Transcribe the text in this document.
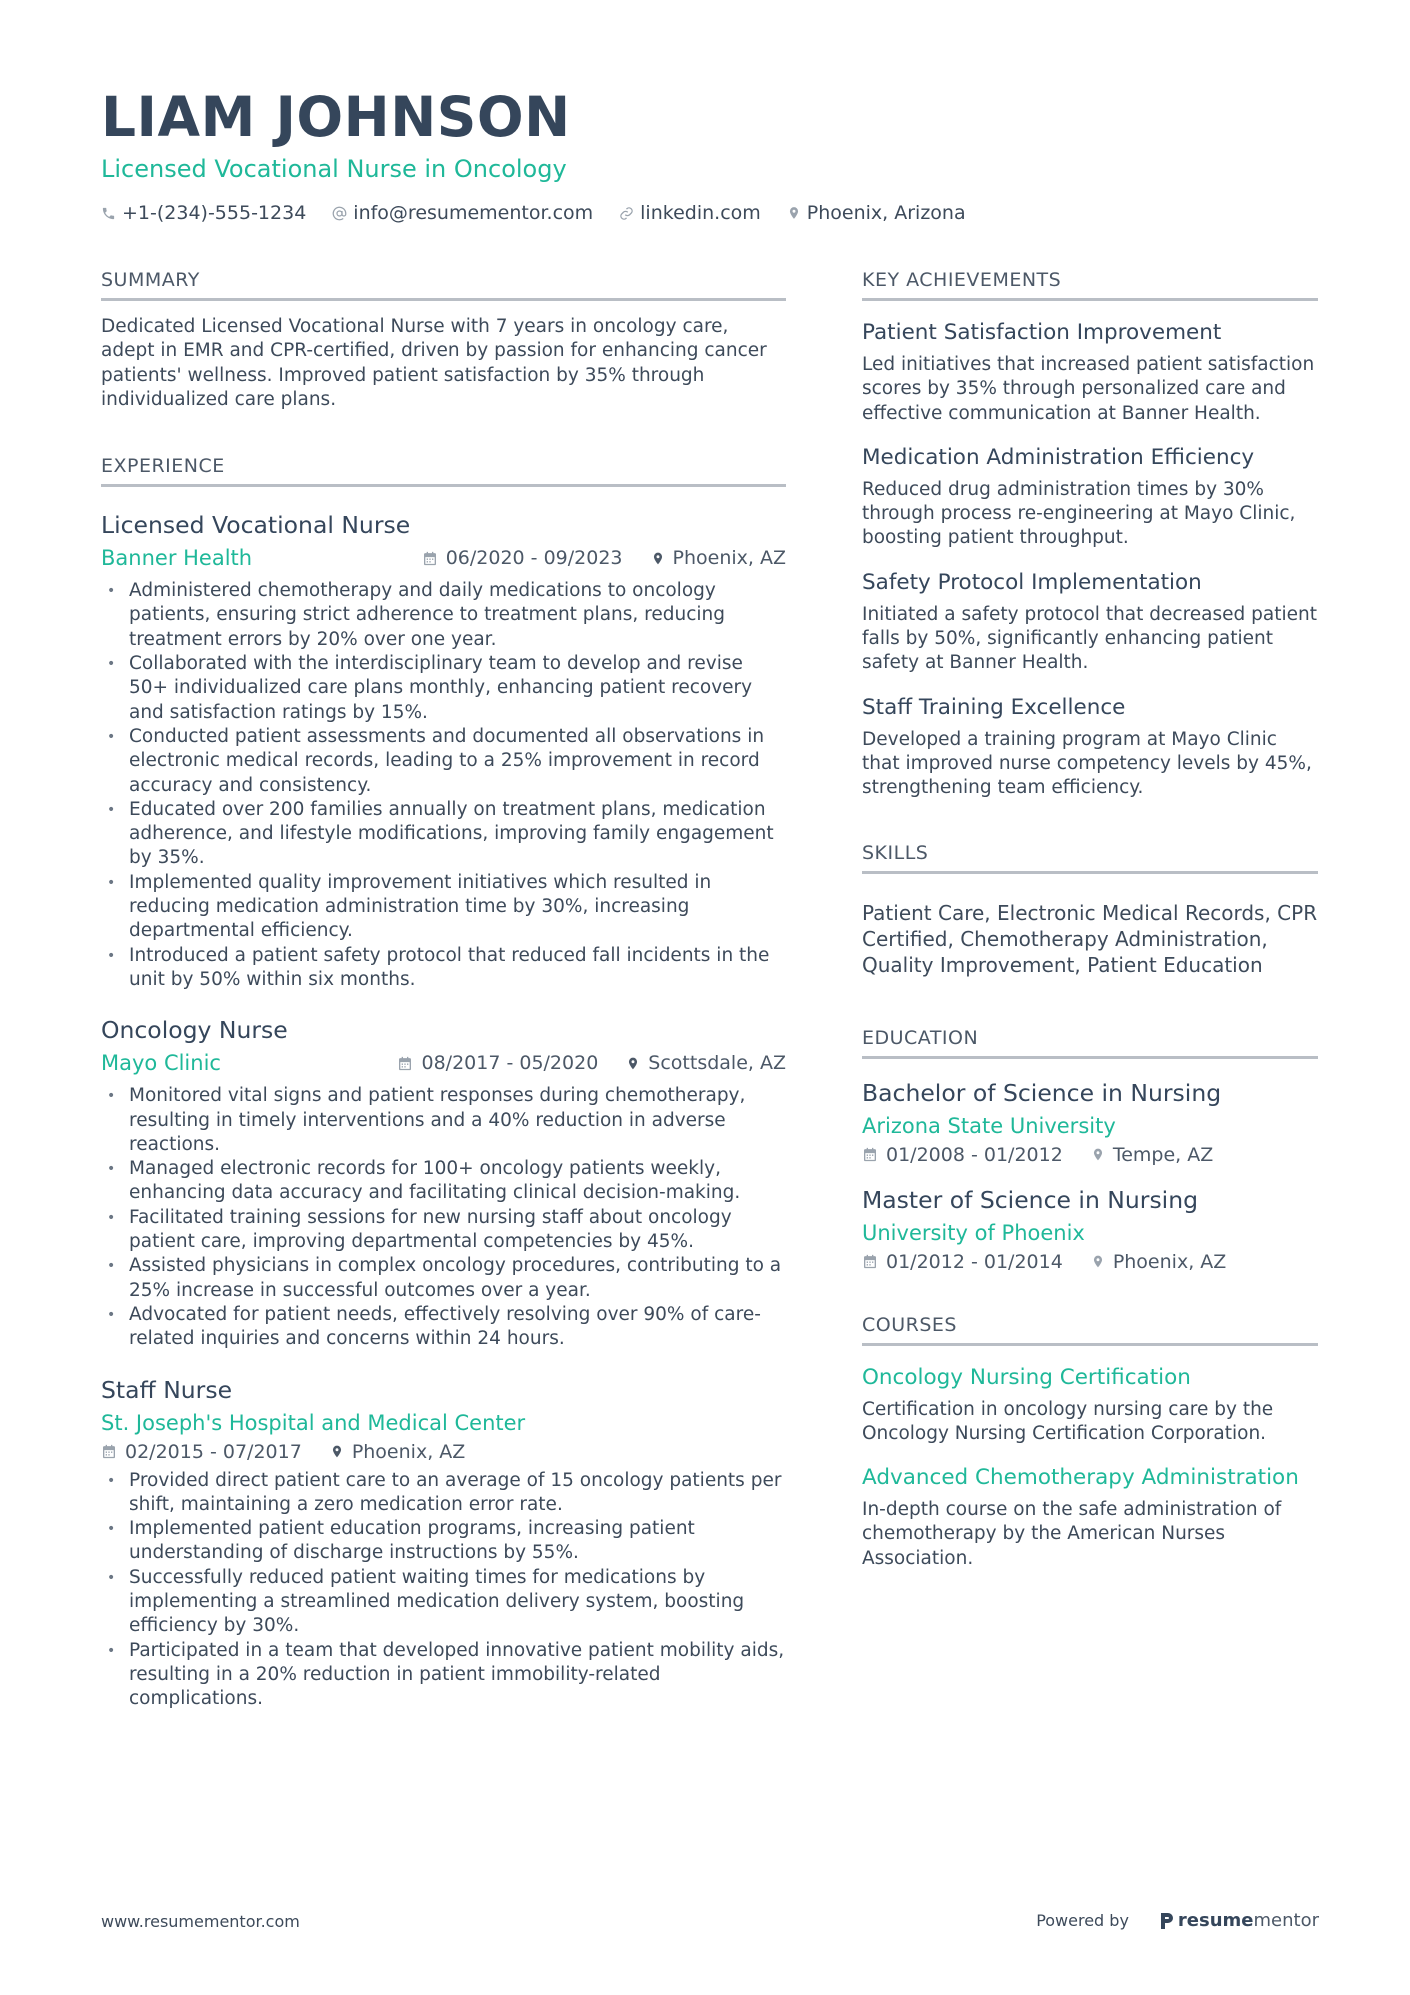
LIAM JOHNSON
Licensed Vocational Nurse in Oncology
+1-(234)-555-1234 info@resumementor.com linkedin.com Phoenix, Arizona
SUMMARY
Dedicated Licensed Vocational Nurse with 7 years in oncology care, adept in EMR and CPR-certified, driven by passion for enhancing cancer patients' wellness. Improved patient satisfaction by 35% through individualized care plans.
EXPERIENCE
Licensed Vocational Nurse
Banner Health	06/2020 - 09/2023	Phoenix, AZ
• Administered chemotherapy and daily medications to oncology patients, ensuring strict adherence to treatment plans, reducing treatment errors by 20% over one year.
• Collaborated with the interdisciplinary team to develop and revise 50+ individualized care plans monthly, enhancing patient recovery and satisfaction ratings by 15%.
• Conducted patient assessments and documented all observations in electronic medical records, leading to a 25% improvement in record accuracy and consistency.
• Educated over 200 families annually on treatment plans, medication adherence, and lifestyle modifications, improving family engagement by 35%.
• Implemented quality improvement initiatives which resulted in reducing medication administration time by 30%, increasing departmental efficiency.
• Introduced a patient safety protocol that reduced fall incidents in the unit by 50% within six months.
Oncology Nurse
Mayo Clinic	08/2017 - 05/2020	Scottsdale, AZ
• Monitored vital signs and patient responses during chemotherapy, resulting in timely interventions and a 40% reduction in adverse reactions.
• Managed electronic records for 100+ oncology patients weekly, enhancing data accuracy and facilitating clinical decision-making.
• Facilitated training sessions for new nursing staff about oncology patient care, improving departmental competencies by 45%.
• Assisted physicians in complex oncology procedures, contributing to a 25% increase in successful outcomes over a year.
• Advocated for patient needs, effectively resolving over 90% of care-related inquiries and concerns within 24 hours.
Staff Nurse
St. Joseph's Hospital and Medical Center
02/2015 - 07/2017	Phoenix, AZ
• Provided direct patient care to an average of 15 oncology patients per shift, maintaining a zero medication error rate.
• Implemented patient education programs, increasing patient understanding of discharge instructions by 55%.
• Successfully reduced patient waiting times for medications by implementing a streamlined medication delivery system, boosting efficiency by 30%.
• Participated in a team that developed innovative patient mobility aids, resulting in a 20% reduction in patient immobility-related complications.
KEY ACHIEVEMENTS
Patient Satisfaction Improvement
Led initiatives that increased patient satisfaction scores by 35% through personalized care and effective communication at Banner Health.
Medication Administration Efficiency
Reduced drug administration times by 30% through process re-engineering at Mayo Clinic, boosting patient throughput.
Safety Protocol Implementation
Initiated a safety protocol that decreased patient falls by 50%, significantly enhancing patient safety at Banner Health.
Staff Training Excellence
Developed a training program at Mayo Clinic that improved nurse competency levels by 45%, strengthening team efficiency.
SKILLS
Patient Care, Electronic Medical Records, CPR Certified, Chemotherapy Administration, Quality Improvement, Patient Education
EDUCATION
Bachelor of Science in Nursing
Arizona State University
01/2008 - 01/2012	Tempe, AZ
Master of Science in Nursing
University of Phoenix
01/2012 - 01/2014	Phoenix, AZ
COURSES
Oncology Nursing Certification
Certification in oncology nursing care by the Oncology Nursing Certification Corporation.
Advanced Chemotherapy Administration
In-depth course on the safe administration of chemotherapy by the American Nurses Association.
www.resumementor.com	Powered by	resume mentor
